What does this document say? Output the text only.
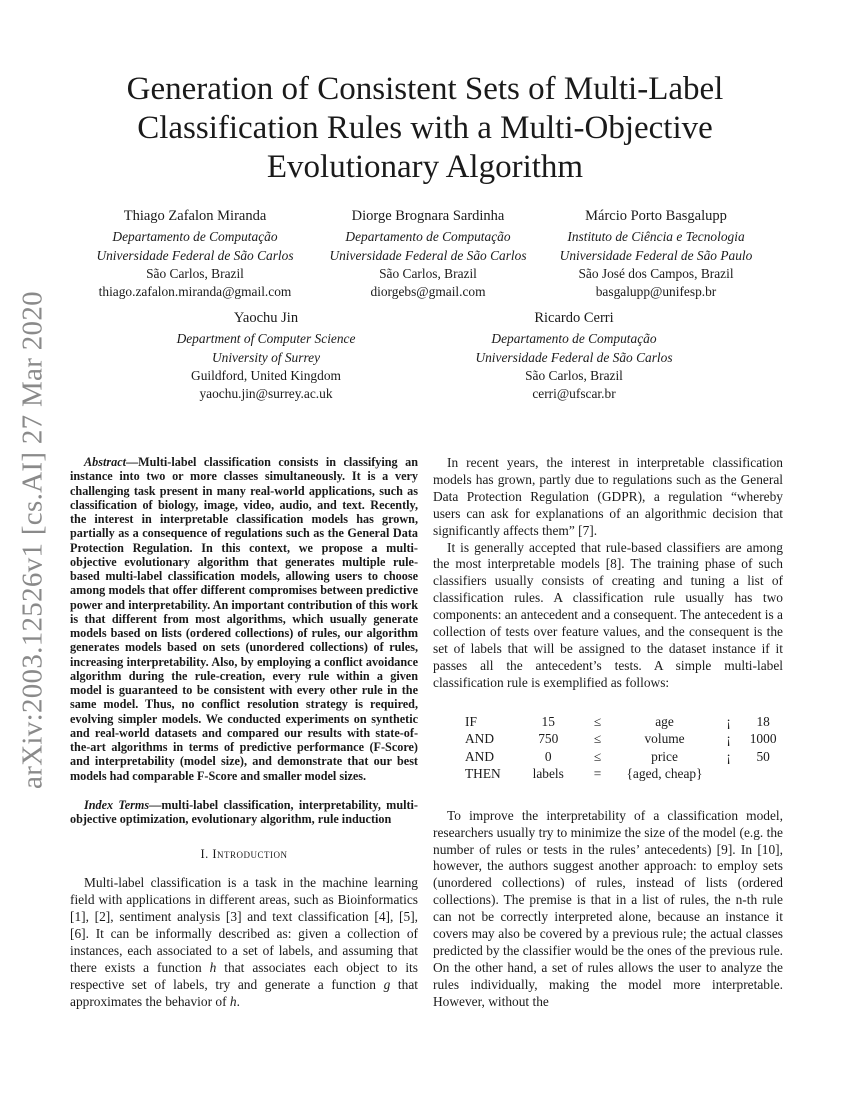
arXiv:2003.12526v1 [cs.AI] 27 Mar 2020
Generation of Consistent Sets of Multi-Label
Classification Rules with a Multi-Objective
Evolutionary Algorithm
Thiago Zafalon Miranda
Departamento de Computação
Universidade Federal de São Carlos
São Carlos, Brazil
thiago.zafalon.miranda@gmail.com
Diorge Brognara Sardinha
Departamento de Computação
Universidade Federal de São Carlos
São Carlos, Brazil
diorgebs@gmail.com
Márcio Porto Basgalupp
Instituto de Ciência e Tecnologia
Universidade Federal de São Paulo
São José dos Campos, Brazil
basgalupp@unifesp.br
Yaochu Jin
Department of Computer Science
University of Surrey
Guildford, United Kingdom
yaochu.jin@surrey.ac.uk
Ricardo Cerri
Departamento de Computação
Universidade Federal de São Carlos
São Carlos, Brazil
cerri@ufscar.br

Abstract—Multi-label classification consists in classifying an instance into two or more classes simultaneously. It is a very challenging task present in many real-world applications, such as classification of biology, image, video, audio, and text. Recently, the interest in interpretable classification models has grown, partially as a consequence of regulations such as the General Data Protection Regulation. In this context, we propose a multi-objective evolutionary algorithm that generates multiple rule-based multi-label classification models, allowing users to choose among models that offer different compromises between predictive power and interpretability. An important contribution of this work is that different from most algorithms, which usually generate models based on lists (ordered collections) of rules, our algorithm generates models based on sets (unordered collections) of rules, increasing interpretability. Also, by employing a conflict avoidance algorithm during the rule-creation, every rule within a given model is guaranteed to be consistent with every other rule in the same model. Thus, no conflict resolution strategy is required, evolving simpler models. We conducted experiments on synthetic and real-world datasets and compared our results with state-of-the-art algorithms in terms of predictive performance (F-Score) and interpretability (model size), and demonstrate that our best models had comparable F-Score and smaller model sizes.

Index Terms—multi-label classification, interpretability, multi-objective optimization, evolutionary algorithm, rule induction

I. Introduction

Multi-label classification is a task in the machine learning field with applications in different areas, such as Bioinformatics [1], [2], sentiment analysis [3] and text classification [4], [5], [6]. It can be informally described as: given a collection of instances, each associated to a set of labels, and assuming that there exists a function h that associates each object to its respective set of labels, try and generate a function g that approximates the behavior of h.

In recent years, the interest in interpretable classification models has grown, partly due to regulations such as the General Data Protection Regulation (GDPR), a regulation “whereby users can ask for explanations of an algorithmic decision that significantly affects them” [7].

It is generally accepted that rule-based classifiers are among the most interpretable models [8]. The training phase of such classifiers usually consists of creating and tuning a list of classification rules. A classification rule usually has two components: an antecedent and a consequent. The antecedent is a collection of tests over feature values, and the consequent is the set of labels that will be assigned to the dataset instance if it passes all the antecedent’s tests. A simple multi-label classification rule is exemplified as follows:

IF	15	≤	age	¡	18
AND	750	≤	volume	¡	1000
AND	0	≤	price	¡	50
THEN	labels	=	{aged, cheap}		

To improve the interpretability of a classification model, researchers usually try to minimize the size of the model (e.g. the number of rules or tests in the rules’ antecedents) [9]. In [10], however, the authors suggest another approach: to employ sets (unordered collections) of rules, instead of lists (ordered collections). The premise is that in a list of rules, the n-th rule can not be correctly interpreted alone, because an instance it covers may also be covered by a previous rule; the actual classes predicted by the classifier would be the ones of the previous rule. On the other hand, a set of rules allows the user to analyze the rules individually, making the model more interpretable. However, without the
